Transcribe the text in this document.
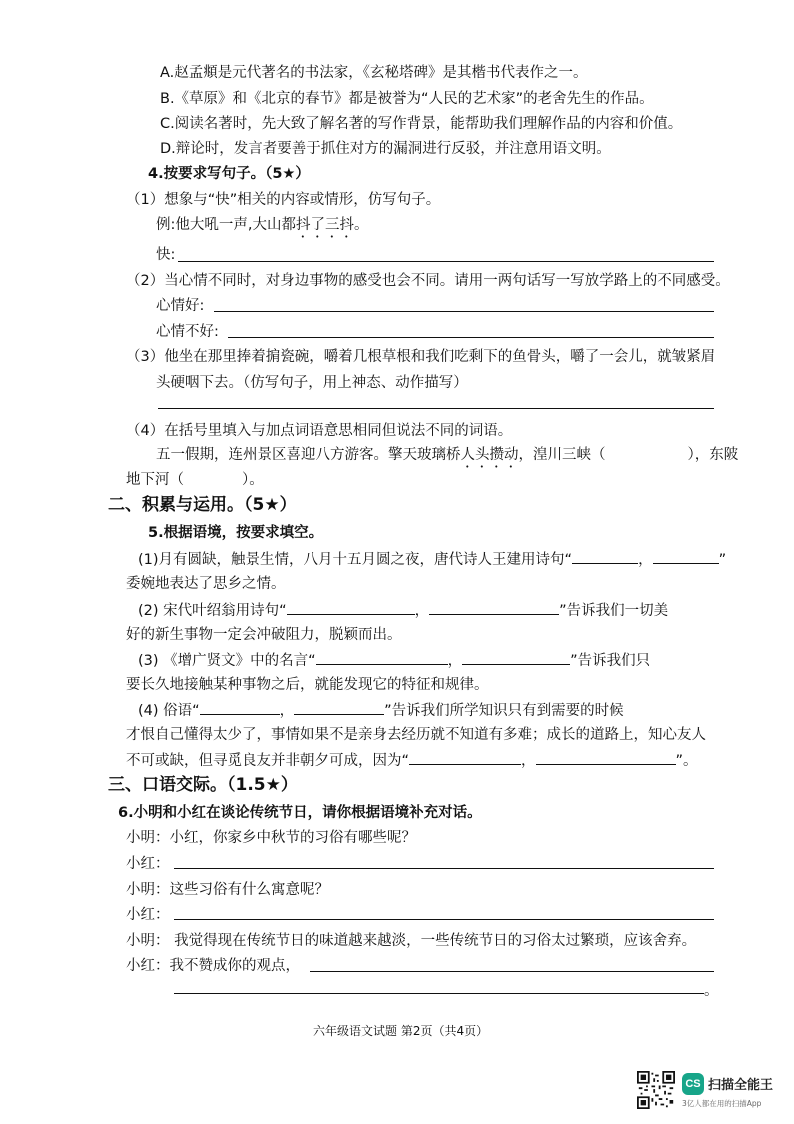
A.赵孟頫是元代著名的书法家，《玄秘塔碑》是其楷书代表作之一。
B.《草原》和《北京的春节》都是被誉为“人民的艺术家”的老舍先生的作品。
C.阅读名著时，先大致了解名著的写作背景，能帮助我们理解作品的内容和价值。
D.辩论时，发言者要善于抓住对方的漏洞进行反驳，并注意用语文明。
4.按要求写句子。（5★）
（1）想象与“快”相关的内容或情形，仿写句子。
例:他大吼一声,大山都抖了三抖。
快:
（2）当心情不同时，对身边事物的感受也会不同。请用一两句话写一写放学路上的不同感受。
心情好:
心情不好:
（3）他坐在那里捧着掮瓷碗，嚼着几根草根和我们吃剩下的鱼骨头，嚼了一会儿，就皱紧眉
头硬咽下去。（仿写句子，用上神态、动作描写）
（4）在括号里填入与加点词语意思相同但说法不同的词语。
五一假期，连州景区喜迎八方游客。擎天玻璃桥人头攒动，湟川三峡（	），东陂
地下河（	）。
二、积累与运用。（5★）
5.根据语境，按要求填空。
(1)月有圆缺，触景生情，八月十五月圆之夜，唐代诗人王建用诗句“	，	”
委婉地表达了思乡之情。
(2) 宋代叶绍翁用诗句“	，	”告诉我们一切美
好的新生事物一定会冲破阻力，脱颖而出。
(3) 《增广贤文》中的名言“	，	”告诉我们只
要长久地接触某种事物之后，就能发现它的特征和规律。
(4) 俗语“	，	”告诉我们所学知识只有到需要的时候
才恨自己懂得太少了，事情如果不是亲身去经历就不知道有多难；成长的道路上，知心友人
不可或缺，但寻觅良友并非朝夕可成，因为“	，	”。
三、口语交际。（1.5★）
6.小明和小红在谈论传统节日，请你根据语境补充对话。
小明：小红，你家乡中秋节的习俗有哪些呢？
小红：
小明：这些习俗有什么寓意呢？
小红：
小明： 我觉得现在传统节日的味道越来越淡，一些传统节日的习俗太过繁琐，应该舍弃。
小红：我不赞成你的观点，
。
六年级语文试题 第2页（共4页）
CS 扫描全能王
3亿人都在用的扫描App
